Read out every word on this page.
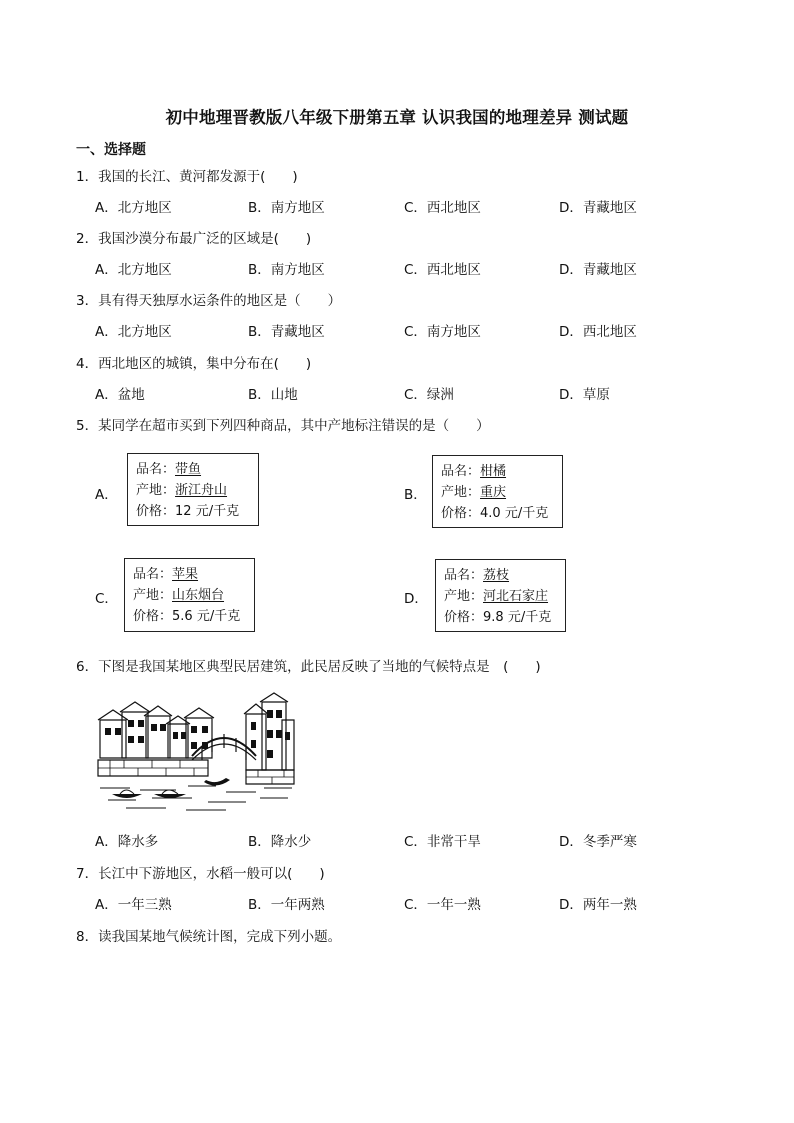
初中地理晋教版八年级下册第五章 认识我国的地理差异 测试题
一、选择题
1．我国的长江、黄河都发源于(　　)
A．北方地区	B．南方地区	C．西北地区	D．青藏地区
2．我国沙漠分布最广泛的区域是(　　)
A．北方地区	B．南方地区	C．西北地区	D．青藏地区
3．具有得天独厚水运条件的地区是（　　）
A．北方地区	B．青藏地区	C．南方地区	D．西北地区
4．西北地区的城镇，集中分布在(　　)
A．盆地	B．山地	C．绿洲	D．草原
5．某同学在超市买到下列四种商品，其中产地标注错误的是（　　）
A．
品名：带鱼
产地：浙江舟山
价格：12 元/千克
B．
品名：柑橘
产地：重庆
价格：4.0 元/千克
C．
品名：苹果
产地：山东烟台
价格：5.6 元/千克
D．
品名：荔枝
产地：河北石家庄
价格：9.8 元/千克
6．下图是我国某地区典型民居建筑，此民居反映了当地的气候特点是　(　　)
A．降水多	B．降水少	C．非常干旱	D．冬季严寒
7．长江中下游地区，水稻一般可以(　　)
A．一年三熟	B．一年两熟	C．一年一熟	D．两年一熟
8．读我国某地气候统计图，完成下列小题。
